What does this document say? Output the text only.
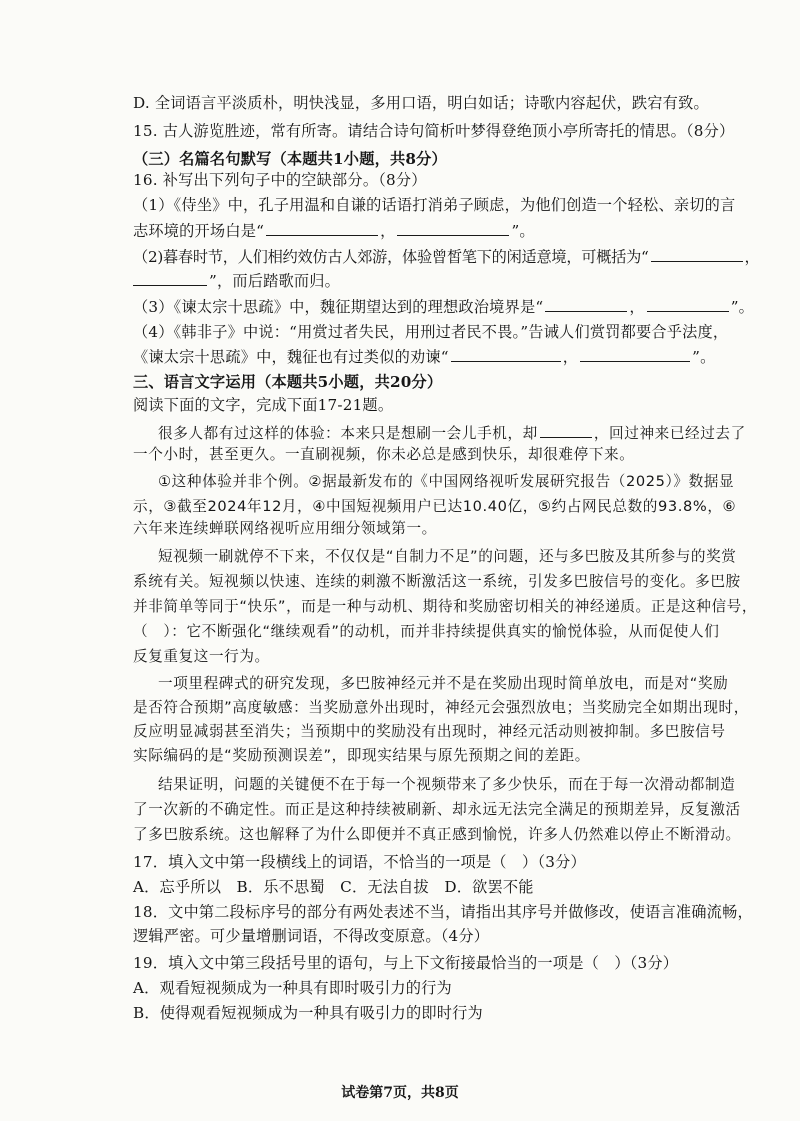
D. 全词语言平淡质朴，明快浅显，多用口语，明白如话；诗歌内容起伏，跌宕有致。
15. 古人游览胜迹，常有所寄。请结合诗句简析叶梦得登绝顶小亭所寄托的情思。（8分）
（三）名篇名句默写（本题共1小题，共8分）
16. 补写出下列句子中的空缺部分。（8分）
（1）《侍坐》中，孔子用温和自谦的话语打消弟子顾虑，为他们创造一个轻松、亲切的言
志环境的开场白是“	，	”。
（2)暮春时节，人们相约效仿古人郊游，体验曾皙笔下的闲适意境，可概括为“	，
”，而后踏歌而归。
（3）《谏太宗十思疏》中，魏征期望达到的理想政治境界是“	，	”。
（4）《韩非子》中说：“用赏过者失民，用刑过者民不畏。”告诫人们赏罚都要合乎法度，
《谏太宗十思疏》中，魏征也有过类似的劝谏“	，	”。
三、语言文字运用（本题共5小题，共20分）
阅读下面的文字，完成下面17-21题。
很多人都有过这样的体验：本来只是想刷一会儿手机，却	，回过神来已经过去了
一个小时，甚至更久。一直刷视频，你未必总是感到快乐，却很难停下来。
①这种体验并非个例。②据最新发布的《中国网络视听发展研究报告（2025）》数据显
示，③截至2024年12月，④中国短视频用户已达10.40亿，⑤约占网民总数的93.8%，⑥
六年来连续蝉联网络视听应用细分领域第一。
短视频一刷就停不下来，不仅仅是“自制力不足”的问题，还与多巴胺及其所参与的奖赏
系统有关。短视频以快速、连续的刺激不断激活这一系统，引发多巴胺信号的变化。多巴胺
并非简单等同于“快乐”，而是一种与动机、期待和奖励密切相关的神经递质。正是这种信号，
（　）：它不断强化“继续观看”的动机，而并非持续提供真实的愉悦体验，从而促使人们
反复重复这一行为。
一项里程碑式的研究发现，多巴胺神经元并不是在奖励出现时简单放电，而是对“奖励
是否符合预期”高度敏感：当奖励意外出现时，神经元会强烈放电；当奖励完全如期出现时，
反应明显减弱甚至消失；当预期中的奖励没有出现时，神经元活动则被抑制。多巴胺信号
实际编码的是“奖励预测误差”，即现实结果与原先预期之间的差距。
结果证明，问题的关键便不在于每一个视频带来了多少快乐，而在于每一次滑动都制造
了一次新的不确定性。而正是这种持续被刷新、却永远无法完全满足的预期差异，反复激活
了多巴胺系统。这也解释了为什么即便并不真正感到愉悦，许多人仍然难以停止不断滑动。
17．填入文中第一段横线上的词语，不恰当的一项是（　）（3分）
A．忘乎所以　B．乐不思蜀　C．无法自拔　D．欲罢不能
18．文中第二段标序号的部分有两处表述不当，请指出其序号并做修改，使语言准确流畅，
逻辑严密。可少量增删词语，不得改变原意。（4分）
19．填入文中第三段括号里的语句，与上下文衔接最恰当的一项是（　）（3分）
A．观看短视频成为一种具有即时吸引力的行为
B．使得观看短视频成为一种具有吸引力的即时行为
试卷第7页，共8页
